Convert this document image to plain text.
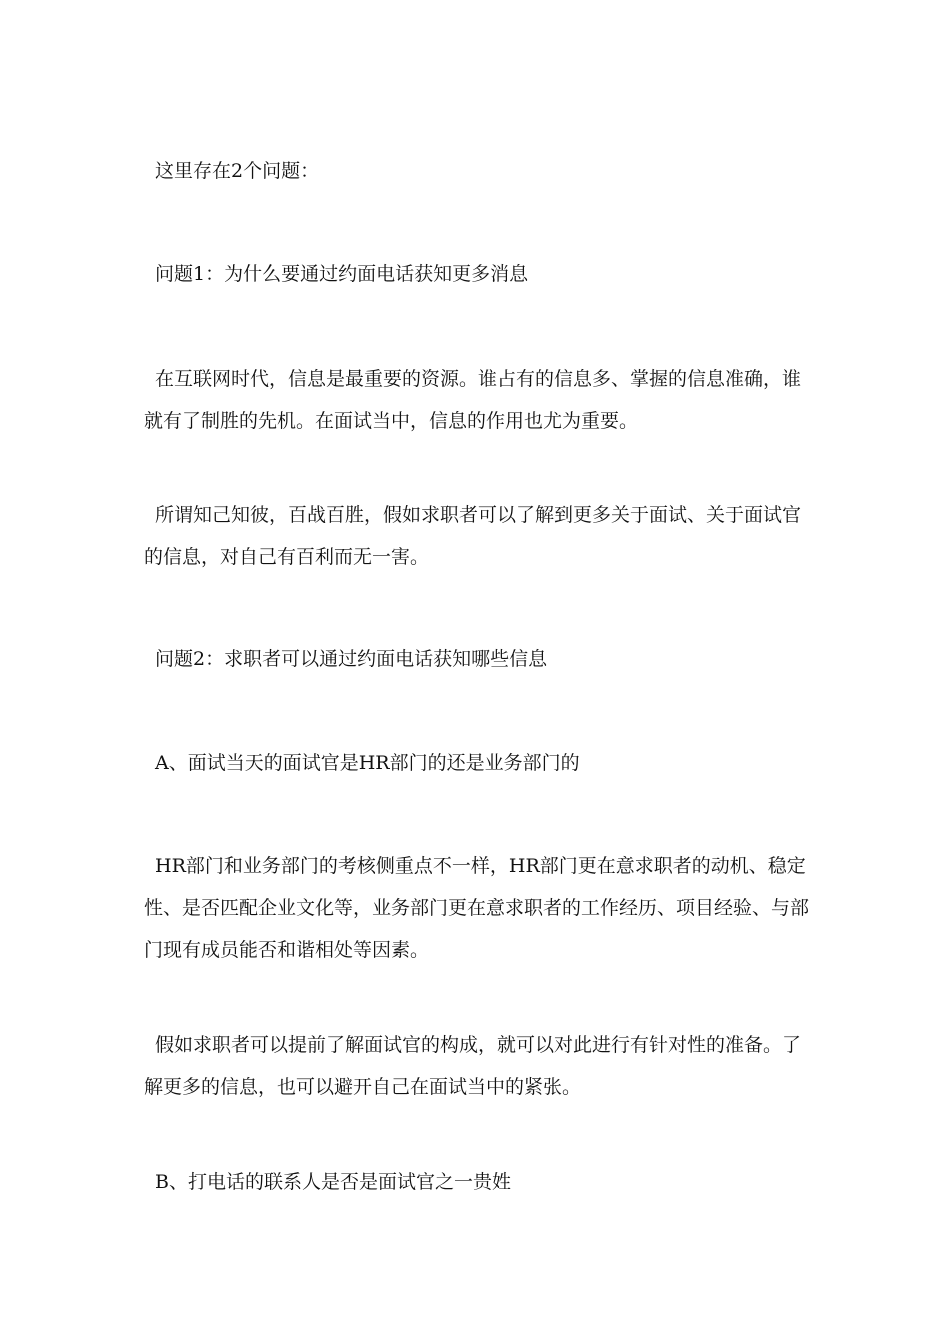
这里存在2个问题：

问题1：为什么要通过约面电话获知更多消息

在互联网时代，信息是最重要的资源。谁占有的信息多、掌握的信息准确，谁就有了制胜的先机。在面试当中，信息的作用也尤为重要。

所谓知己知彼，百战百胜，假如求职者可以了解到更多关于面试、关于面试官的信息，对自己有百利而无一害。

问题2：求职者可以通过约面电话获知哪些信息

A、面试当天的面试官是HR部门的还是业务部门的

HR部门和业务部门的考核侧重点不一样，HR部门更在意求职者的动机、稳定性、是否匹配企业文化等，业务部门更在意求职者的工作经历、项目经验、与部门现有成员能否和谐相处等因素。

假如求职者可以提前了解面试官的构成，就可以对此进行有针对性的准备。了解更多的信息，也可以避开自己在面试当中的紧张。

B、打电话的联系人是否是面试官之一贵姓
